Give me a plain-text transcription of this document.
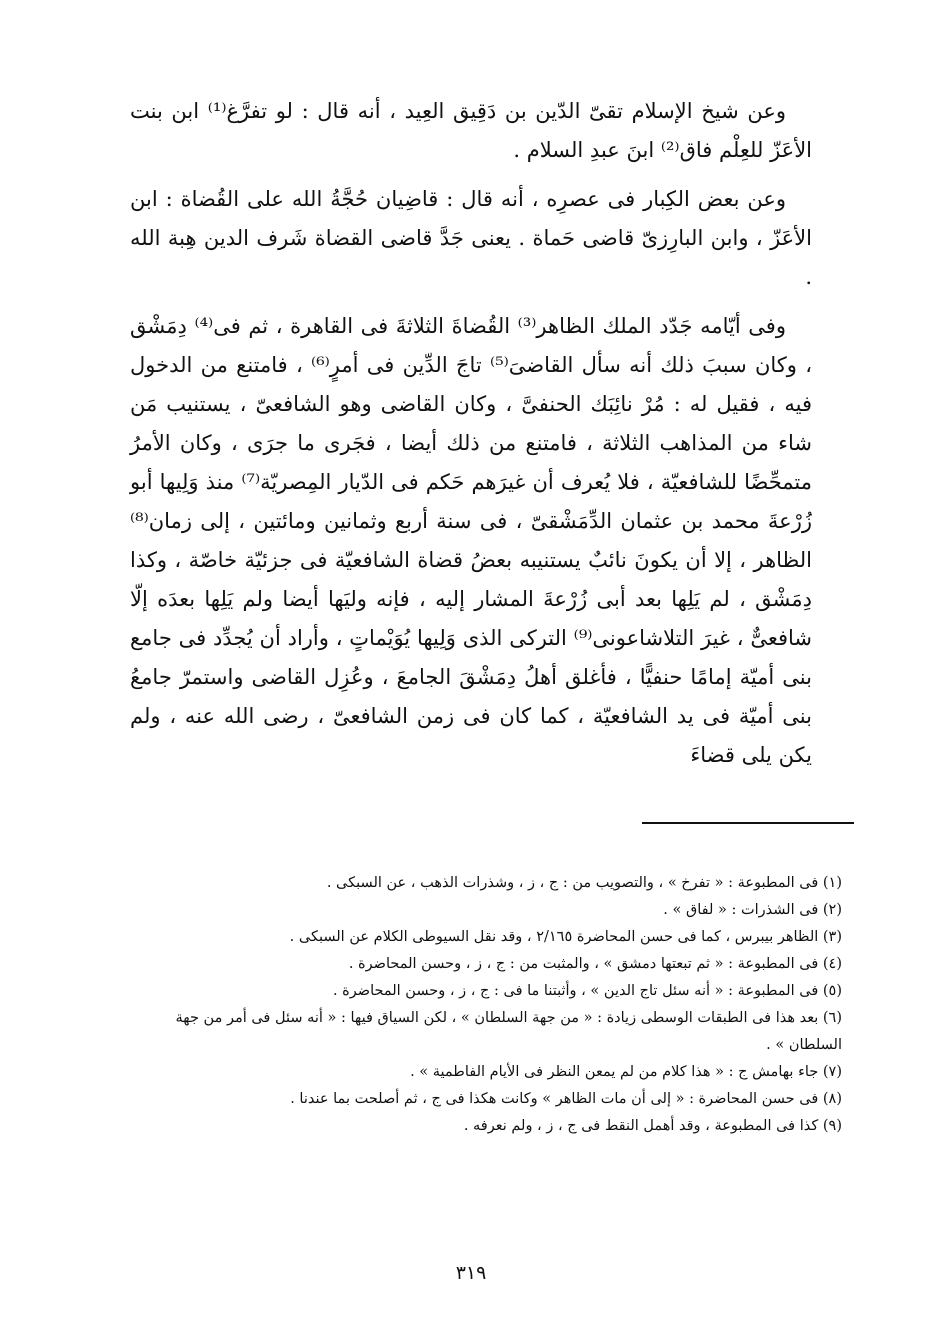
وعن شيخ الإسلام تقىّ الدّين بن دَقِيق العِيد ، أنه قال : لو تفرَّغ⁽¹⁾ ابن بنت الأعَزّ للعِلْم فاق⁽²⁾ ابنَ عبدِ السلام .

وعن بعض الكِبار فى عصرِه ، أنه قال : قاضِيان حُجَّةُ الله على القُضاة : ابن الأعَزّ ، وابن البارِزىّ قاضى حَماة . يعنى جَدَّ قاضى القضاة شَرف الدين هِبة الله .

وفى أيّامه جَدّد الملك الظاهر⁽³⁾ القُضاةَ الثلاثةَ فى القاهرة ، ثم فى⁽⁴⁾ دِمَشْق ، وكان سببَ ذلك أنه سأل القاضىَ⁽⁵⁾ تاجَ الدِّين فى أمرٍ⁽⁶⁾ ، فامتنع من الدخول فيه ، فقيل له : مُرْ نائِبَك الحنفىَّ ، وكان القاضى وهو الشافعىّ ، يستنيب مَن شاء من المذاهب الثلاثة ، فامتنع من ذلك أيضا ، فجَرى ما جرَى ، وكان الأمرُ متمحِّضًا للشافعيّة ، فلا يُعرف أن غيرَهم حَكم فى الدّيار المِصريّة⁽⁷⁾ منذ وَلِيها أبو زُرْعةَ محمد بن عثمان الدِّمَشْقىّ ، فى سنة أربع وثمانين ومائتين ، إلى زمان⁽⁸⁾ الظاهر ، إلا أن يكونَ نائبٌ يستنيبه بعضُ قضاة الشافعيّة فى جزئيّة خاصّة ، وكذا دِمَشْق ، لم يَلِها بعد أبى زُرْعةَ المشار إليه ، فإنه وليَها أيضا ولم يَلِها بعدَه إلّا شافعىٌّ ، غيرَ التلاشاعونى⁽⁹⁾ التركى الذى وَلِيها يُوَيْماتٍ ، وأراد أن يُجدِّد فى جامع بنى أميّة إمامًا حنفيًّا ، فأغلق أهلُ دِمَشْقَ الجامعَ ، وعُزِل القاضى واستمرّ جامعُ بنى أميّة فى يد الشافعيّة ، كما كان فى زمن الشافعىّ ، رضى الله عنه ، ولم يكن يلى قضاءَ

(١) فى المطبوعة : « تفرخ » ، والتصويب من : ج ، ز ، وشذرات الذهب ، عن السبكى .

(٢) فى الشذرات : « لفاق » .

(٣) الظاهر بيبرس ، كما فى حسن المحاضرة ٢/١٦٥ ، وقد نقل السيوطى الكلام عن السبكى .

(٤) فى المطبوعة : « ثم تبعتها دمشق » ، والمثبت من : ج ، ز ، وحسن المحاضرة .

(٥) فى المطبوعة : « أنه سئل تاج الدين » ، وأثبتنا ما فى : ج ، ز ، وحسن المحاضرة .

(٦) بعد هذا فى الطبقات الوسطى زيادة : « من جهة السلطان » ، لكن السياق فيها : « أنه سئل فى أمر من جهة السلطان » .

(٧) جاء بهامش ج : « هذا كلام من لم يمعن النظر فى الأيام الفاطمية » .

(٨) فى حسن المحاضرة : « إلى أن مات الظاهر » وكانت هكذا فى ج ، ثم أصلحت بما عندنا .

(٩) كذا فى المطبوعة ، وقد أهمل النقط فى ج ، ز ، ولم نعرفه .

٣١٩
